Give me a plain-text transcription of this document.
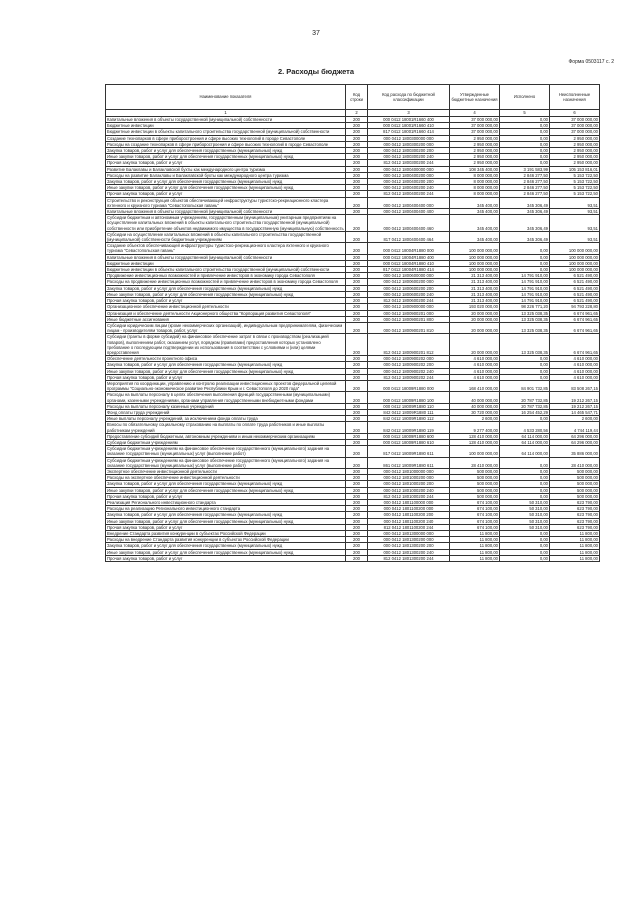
37
Форма 0503117 с. 2
2. Расходы бюджета
Наименование показателя	Код строки	Код расхода по бюджетной классификации	Утвержденные бюджетные назначения	Исполнено	Неисполненные назначения
1	2	3	4	5	6
Капитальные вложения в объекты государственной (муниципальной) собственности	200	000 0412 18001R1660 400	37 000 000,00	0,00	37 000 000,00
Бюджетные инвестиции	200	000 0412 18001R1660 410	37 000 000,00	0,00	37 000 000,00
Бюджетные инвестиции в объекты капитального строительства государственной (муниципальной) собственности	200	817 0412 18001R1660 414	37 000 000,00	0,00	37 000 000,00
Создание технопарков в сфере приборостроения и сфере высоких технологий в городе Севастополе	200	000 0412 1800300000 000	2 950 000,00	0,00	2 950 000,00
Расходы на создание технопарков в сфере приборостроения и сфере высоких технологий в городе Севастополе	200	000 0412 1800300200 000	2 950 000,00	0,00	2 950 000,00
Закупка товаров, работ и услуг для обеспечения государственных (муниципальных) нужд	200	000 0412 1800300200 200	2 950 000,00	0,00	2 950 000,00
Иные закупки товаров, работ и услуг для обеспечения государственных (муниципальных) нужд	200	000 0412 1800300200 240	2 950 000,00	0,00	2 950 000,00
Прочая закупка товаров, работ и услуг	200	812 0412 1800300200 244	2 950 000,00	0,00	2 950 000,00
Развитие Балаклавы и Балаклавской бухты как международного центра туризма	200	000 0412 1800400000 000	108 345 400,00	3 191 583,99	105 153 816,01
Расходы на развитие Балаклавы и Балаклавской бухты как международного центра туризма	200	000 0412 1800400200 000	8 000 000,00	2 846 277,50	5 153 722,50
Закупка товаров, работ и услуг для обеспечения государственных (муниципальных) нужд	200	000 0412 1800400200 200	8 000 000,00	2 846 277,50	5 153 722,50
Иные закупки товаров, работ и услуг для обеспечения государственных (муниципальных) нужд	200	000 0412 1800400200 240	8 000 000,00	2 846 277,50	5 153 722,50
Прочая закупка товаров, работ и услуг	200	812 0412 1800400200 244	8 000 000,00	2 846 277,50	5 153 722,50
Строительство и реконструкция объектов обеспечивающей инфраструктуры туристско-рекреационного кластера яхтенного и круизного туризма "Севастопольская гавань"	200	000 0412 1800400400 000	345 400,00	345 306,49	93,51
Капитальные вложения в объекты государственной (муниципальной) собственности	200	000 0412 1800400400 400	345 400,00	345 306,49	93,51
Субсидии бюджетным и автономным учреждениям, государственным (муниципальным) унитарным предприятиям на осуществление капитальных вложений в объекты капитального строительства государственной (муниципальной) собственности или приобретение объектов недвижимого имущества в государственную (муниципальную) собственность	200	000 0412 1800400400 460	345 400,00	345 306,49	93,51
Субсидии на осуществление капитальных вложений в объекты капитального строительства государственной (муниципальной) собственности бюджетным учреждениям	200	817 0412 1800400400 464	345 400,00	345 306,49	93,51
Создание объектов обеспечивающей инфраструктуры туристско-рекреационного кластера яхтенного и круизного туризма "Севастопольская гавань"	200	000 0412 18004R1880 000	100 000 000,00	0,00	100 000 000,00
Капитальные вложения в объекты государственной (муниципальной) собственности	200	000 0412 18004R1880 400	100 000 000,00	0,00	100 000 000,00
Бюджетные инвестиции	200	000 0412 18004R1880 410	100 000 000,00	0,00	100 000 000,00
Бюджетные инвестиции в объекты капитального строительства государственной (муниципальной) собственности	200	817 0412 18004R1880 414	100 000 000,00	0,00	100 000 000,00
Продвижение инвестиционных возможностей и привлечение инвесторов в экономику города Севастополя	200	000 0412 1800600000 000	21 313 400,00	14 791 910,00	6 521 490,00
Расходы на продвижение инвестиционных возможностей и привлечение инвесторов в экономику города Севастополя	200	000 0412 1800600200 000	21 313 400,00	14 791 910,00	6 521 490,00
Закупка товаров, работ и услуг для обеспечения государственных (муниципальных) нужд	200	000 0412 1800600200 200	21 313 400,00	14 791 910,00	6 521 490,00
Иные закупки товаров, работ и услуг для обеспечения государственных (муниципальных) нужд	200	000 0412 1800600200 240	21 313 400,00	14 791 910,00	6 521 490,00
Прочая закупка товаров, работ и услуг	200	812 0412 1800600200 244	21 313 400,00	14 791 910,00	6 521 490,00
Организационное обеспечение инвестиционной деятельности	200	000 0412 1800900000 000	193 020 000,00	98 226 771,20	94 793 228,80
Организация и обеспечение деятельности Акционерного общества "Корпорация развития Севастополя"	200	000 0412 1800900201 000	20 000 000,00	13 325 038,35	6 674 961,65
Иные бюджетные ассигнования	200	000 0412 1800900201 800	20 000 000,00	13 325 038,35	6 674 961,65
Субсидии юридическим лицам (кроме некоммерческих организаций), индивидуальным предпринимателям, физическим лицам - производителям товаров, работ, услуг	200	000 0412 1800900201 810	20 000 000,00	13 325 038,35	6 674 961,65
Субсидии (гранты в форме субсидий) на финансовое обеспечение затрат в связи с производством (реализацией товаров), выполнением работ, оказанием услуг, порядком (правилами) предоставления которых установлено требование о последующем подтверждении их использования в соответствии с условиями и (или) целями предоставления	200	812 0412 1800900201 812	20 000 000,00	13 325 038,35	6 674 961,65
Обеспечение деятельности проектного офиса	200	000 0412 1800900202 000	4 610 000,00	0,00	4 610 000,00
Закупка товаров, работ и услуг для обеспечения государственных (муниципальных) нужд	200	000 0412 1800900202 200	4 610 000,00	0,00	4 610 000,00
Иные закупки товаров, работ и услуг для обеспечения государственных (муниципальных) нужд	200	000 0412 1800900202 240	4 610 000,00	0,00	4 610 000,00
Прочая закупка товаров, работ и услуг	200	812 0412 1800900202 244	4 610 000,00	0,00	4 610 000,00
Мероприятия по координации, управлению и контролю реализации инвестиционных проектов федеральной целевой программы "Социально-экономическое развитие Республики Крым и г. Севастополя до 2020 года"	200	000 0412 18009R1880 000	168 410 000,00	84 901 732,85	83 508 267,15
Расходы на выплаты персоналу в целях обеспечения выполнения функций государственными (муниципальными) органами, казенными учреждениями, органами управления государственными внебюджетными фондами	200	000 0412 18009R1880 100	40 000 000,00	20 787 732,85	19 212 267,15
Расходы на выплаты персоналу казенных учреждений	200	000 0412 18009R1880 110	40 000 000,00	20 787 732,85	19 212 267,15
Фонд оплаты труда учреждений	200	842 0412 18009R1880 111	30 720 000,00	16 254 452,29	14 465 547,71
Иные выплаты персоналу учреждений, за исключением фонда оплаты труда	200	842 0412 18009R1880 112	2 600,00	0,00	2 600,00
Взносы по обязательному социальному страхованию на выплаты по оплате труда работников и иные выплаты работникам учреждений	200	842 0412 18009R1880 119	9 277 400,00	4 533 280,56	4 744 119,44
Предоставление субсидий бюджетным, автономным учреждениям и иным некоммерческим организациям	200	000 0412 18009R1880 600	128 410 000,00	64 114 000,00	64 296 000,00
Субсидии бюджетным учреждениям	200	000 0412 18009R1880 610	128 410 000,00	64 114 000,00	64 296 000,00
Субсидии бюджетным учреждениям на финансовое обеспечение государственного (муниципального) задания на оказание государственных (муниципальных) услуг (выполнение работ)	200	817 0412 18009R1880 611	100 000 000,00	64 114 000,00	35 886 000,00
Субсидии бюджетным учреждениям на финансовое обеспечение государственного (муниципального) задания на оказание государственных (муниципальных) услуг (выполнение работ)	200	861 0412 18009R1880 611	28 410 000,00	0,00	28 410 000,00
Экспертное обеспечение инвестиционной деятельности	200	000 0412 1801000000 000	500 000,00	0,00	500 000,00
Расходы на экспертное обеспечение инвестиционной деятельности	200	000 0412 1801000200 000	500 000,00	0,00	500 000,00
Закупка товаров, работ и услуг для обеспечения государственных (муниципальных) нужд	200	000 0412 1801000200 200	500 000,00	0,00	500 000,00
Иные закупки товаров, работ и услуг для обеспечения государственных (муниципальных) нужд	200	000 0412 1801000200 240	500 000,00	0,00	500 000,00
Прочая закупка товаров, работ и услуг	200	812 0412 1801000200 244	500 000,00	0,00	500 000,00
Реализация Регионального инвестиционного стандарта	200	000 0412 1801100000 000	674 100,00	50 310,00	623 790,00
Расходы на реализацию Регионального инвестиционного стандарта	200	000 0412 1801100200 000	674 100,00	50 310,00	623 790,00
Закупка товаров, работ и услуг для обеспечения государственных (муниципальных) нужд	200	000 0412 1801100200 200	674 100,00	50 310,00	623 790,00
Иные закупки товаров, работ и услуг для обеспечения государственных (муниципальных) нужд	200	000 0412 1801100200 240	674 100,00	50 310,00	623 790,00
Прочая закупка товаров, работ и услуг	200	812 0412 1801100200 244	674 100,00	50 310,00	623 790,00
Внедрение Стандарта развития конкуренции в субъектах Российской Федерации	200	000 0412 1801300000 000	11 800,00	0,00	11 800,00
Расходы на внедрение Стандарта развития конкуренции в субъектах Российской Федерации	200	000 0412 1801300200 000	11 800,00	0,00	11 800,00
Закупка товаров, работ и услуг для обеспечения государственных (муниципальных) нужд	200	000 0412 1801300200 200	11 800,00	0,00	11 800,00
Иные закупки товаров, работ и услуг для обеспечения государственных (муниципальных) нужд	200	000 0412 1801300200 240	11 800,00	0,00	11 800,00
Прочая закупка товаров, работ и услуг	200	812 0412 1801300200 244	11 800,00	0,00	11 800,00
